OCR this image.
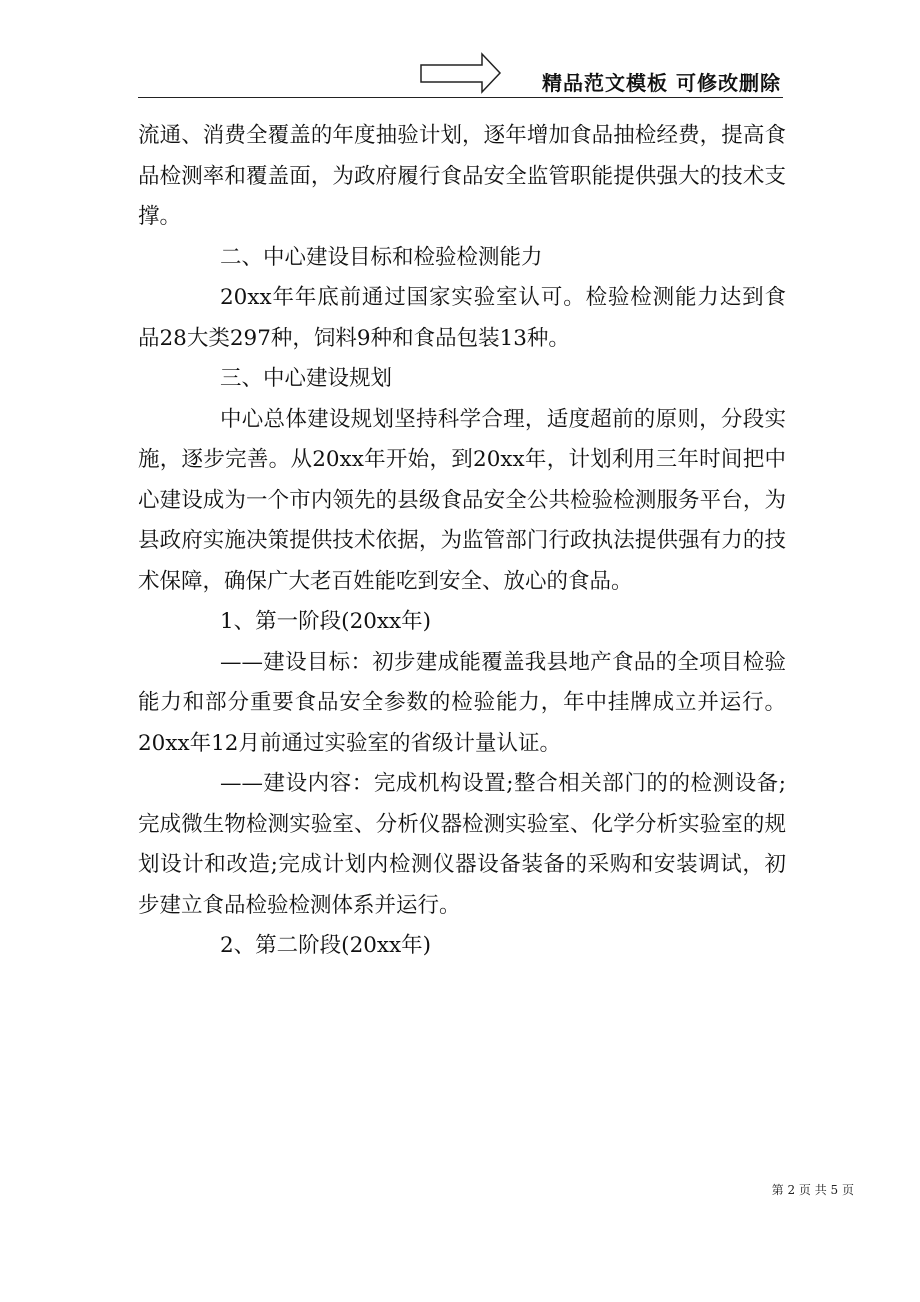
精品范文模板 可修改删除

流通、消费全覆盖的年度抽验计划，逐年增加食品抽检经费，提高食品检测率和覆盖面，为政府履行食品安全监管职能提供强大的技术支撑。

二、中心建设目标和检验检测能力

20xx年年底前通过国家实验室认可。检验检测能力达到食品28大类297种，饲料9种和食品包装13种。

三、中心建设规划

中心总体建设规划坚持科学合理，适度超前的原则，分段实施，逐步完善。从20xx年开始，到20xx年，计划利用三年时间把中心建设成为一个市内领先的县级食品安全公共检验检测服务平台，为县政府实施决策提供技术依据，为监管部门行政执法提供强有力的技术保障，确保广大老百姓能吃到安全、放心的食品。

1、第一阶段(20xx年)

——建设目标：初步建成能覆盖我县地产食品的全项目检验能力和部分重要食品安全参数的检验能力，年中挂牌成立并运行。20xx年12月前通过实验室的省级计量认证。

——建设内容：完成机构设置;整合相关部门的的检测设备;完成微生物检测实验室、分析仪器检测实验室、化学分析实验室的规划设计和改造;完成计划内检测仪器设备装备的采购和安装调试，初步建立食品检验检测体系并运行。

2、第二阶段(20xx年)

第 2 页 共 5 页
